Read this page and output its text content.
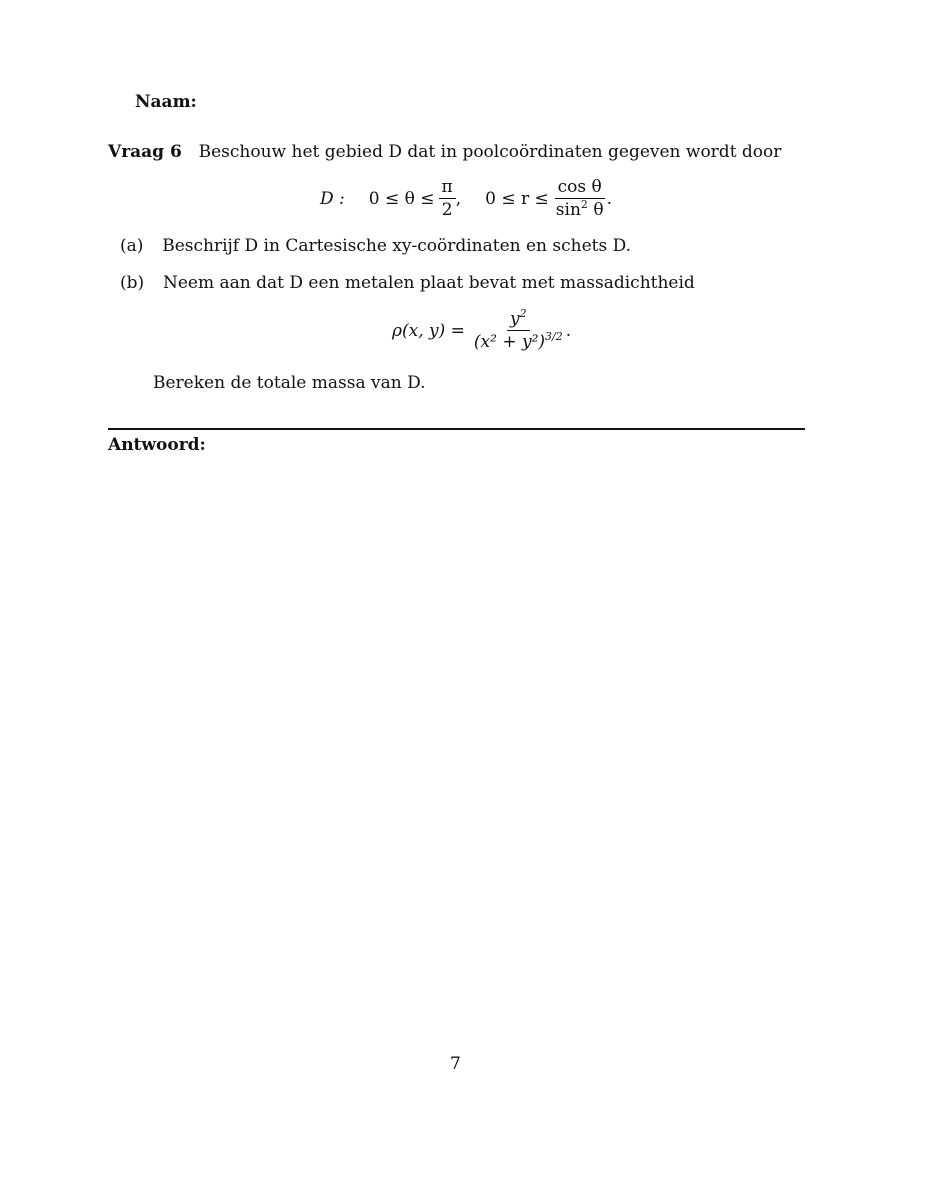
Naam:
Vraag 6 Beschouw het gebied D dat in poolcoördinaten gegeven wordt door
D : $0 \le \theta \le \frac{\pi}{2}$ , $0 \le r \le \frac{\text{cos θ}}{\sin^2 \theta}$ .
(a) Beschrijf D in Cartesische xy-coördinaten en schets D.
(b) Neem aan dat D een metalen plaat bevat met massadichtheid
ρ(x, $y) = \frac{y^2}{(x^2 + y^2)^{3/2}}$ .
Bereken de totale massa van D.
Antwoord:
7
